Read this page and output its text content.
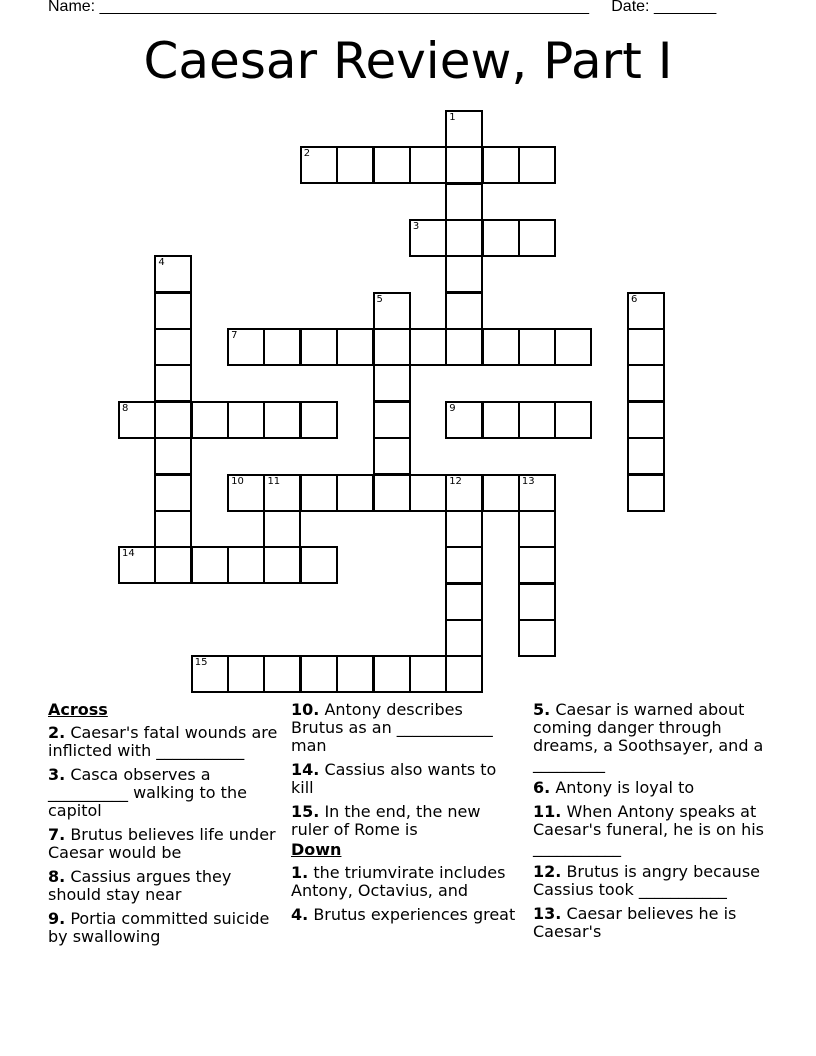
Name: _______________________________________________________ Date: _______
Caesar Review, Part I
2
3
7
8	9
10 11	12	13
14
15
1
4
5	6
Across
2. Caesar's fatal wounds are inflicted with ___________
3. Casca observes a __________ walking to the capitol
7. Brutus believes life under Caesar would be
8. Cassius argues they should stay near
9. Portia committed suicide by swallowing
10. Antony describes Brutus as an ____________ man
14. Cassius also wants to kill
15. In the end, the new ruler of Rome is
Down
1. the triumvirate includes Antony, Octavius, and
4. Brutus experiences great
5. Caesar is warned about coming danger through dreams, a Soothsayer, and a _________
6. Antony is loyal to
11. When Antony speaks at Caesar's funeral, he is on his ___________
12. Brutus is angry because Cassius took ___________
13. Caesar believes he is Caesar's
